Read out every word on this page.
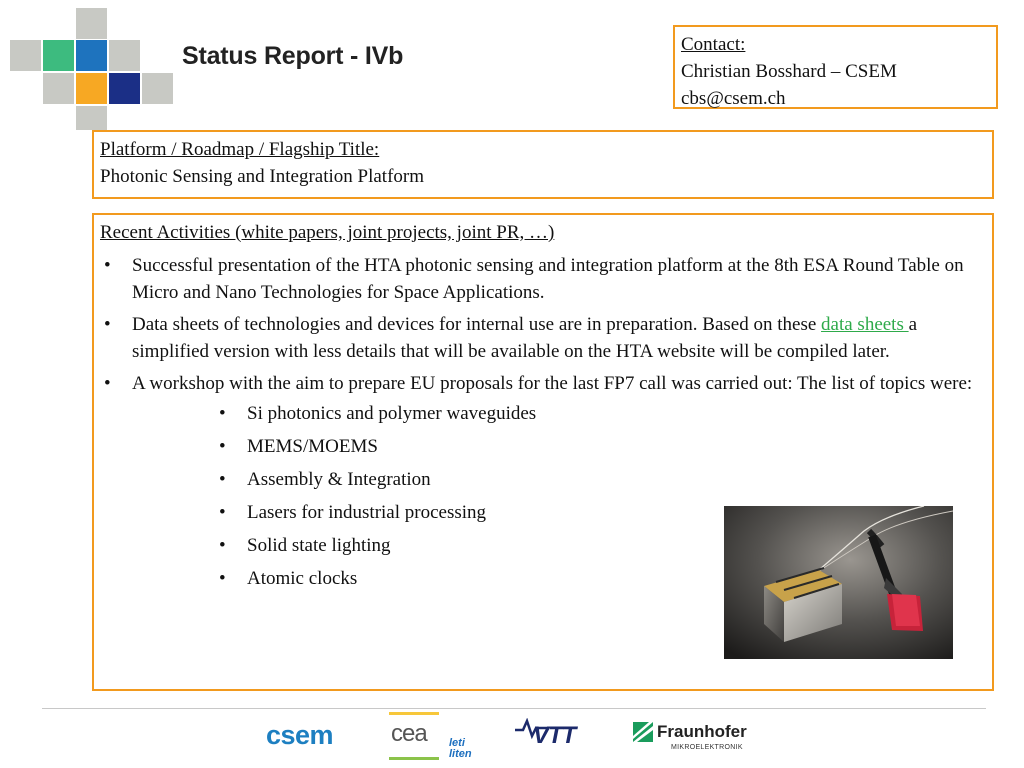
Status Report - IVb	Contact:
Christian Bosshard – CSEM
cbs@csem.ch
Platform / Roadmap / Flagship Title:
Photonic Sensing and Integration Platform
Recent Activities (white papers, joint projects, joint PR, …)
• Successful presentation of the HTA photonic sensing and integration platform at the 8th ESA Round Table on Micro and Nano Technologies for Space Applications.
• Data sheets of technologies and devices for internal use are in preparation. Based on these data sheets a simplified version with less details that will be available on the HTA website will be compiled later.
• A workshop with the aim to prepare EU proposals for the last FP7 call was carried out: The list of topics were:
• Si photonics and polymer waveguides
• MEMS/MOEMS
• Assembly & Integration
• Lasers for industrial processing
• Solid state lighting
• Atomic clocks
csem cea leti
liten
VTT	Fraunhofer
MIKROELEKTRONIK
